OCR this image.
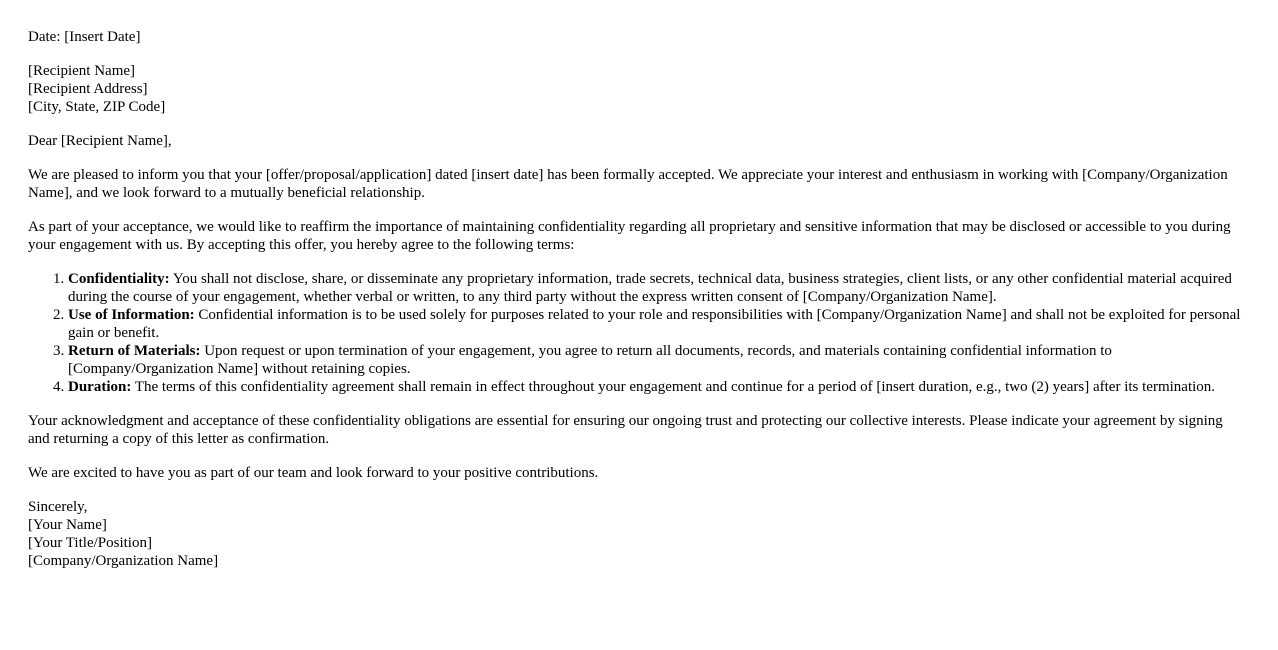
Date: [Insert Date]

[Recipient Name]
[Recipient Address]
[City, State, ZIP Code]

Dear [Recipient Name],

We are pleased to inform you that your [offer/proposal/application] dated [insert date] has been formally accepted. We appreciate your interest and enthusiasm in working with [Company/Organization Name], and we look forward to a mutually beneficial relationship.

As part of your acceptance, we would like to reaffirm the importance of maintaining confidentiality regarding all proprietary and sensitive information that may be disclosed or accessible to you during your engagement with us. By accepting this offer, you hereby agree to the following terms:

1. Confidentiality: You shall not disclose, share, or disseminate any proprietary information, trade secrets, technical data, business strategies, client lists, or any other confidential material acquired during the course of your engagement, whether verbal or written, to any third party without the express written consent of [Company/Organization Name].
2. Use of Information: Confidential information is to be used solely for purposes related to your role and responsibilities with [Company/Organization Name] and shall not be exploited for personal gain or benefit.
3. Return of Materials: Upon request or upon termination of your engagement, you agree to return all documents, records, and materials containing confidential information to [Company/Organization Name] without retaining copies.
4. Duration: The terms of this confidentiality agreement shall remain in effect throughout your engagement and continue for a period of [insert duration, e.g., two (2) years] after its termination.

Your acknowledgment and acceptance of these confidentiality obligations are essential for ensuring our ongoing trust and protecting our collective interests. Please indicate your agreement by signing and returning a copy of this letter as confirmation.

We are excited to have you as part of our team and look forward to your positive contributions.

Sincerely,
[Your Name]
[Your Title/Position]
[Company/Organization Name]
